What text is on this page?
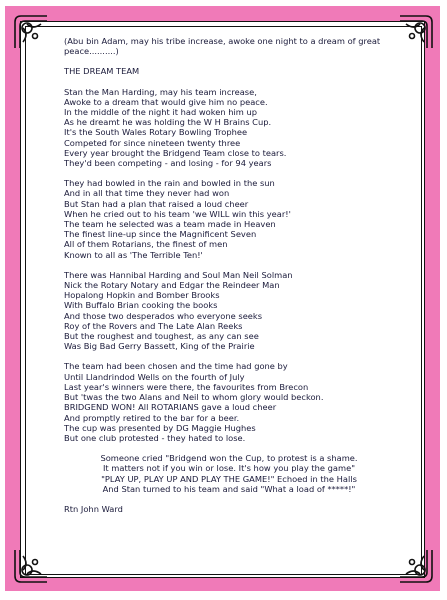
(Abu bin Adam, may his tribe increase, awoke one night to a dream of great peace..........)

THE DREAM TEAM

Stan the Man Harding, may his team increase,
Awoke to a dream that would give him no peace.
In the middle of the night it had woken him up
As he dreamt he was holding the W H Brains Cup.
It's the South Wales Rotary Bowling Trophee
Competed for since nineteen twenty three
Every year brought the Bridgend Team close to tears.
They'd been competing - and losing - for 94 years
They had bowled in the rain and bowled in the sun
And in all that time they never had won
But Stan had a plan that raised a loud cheer
When he cried out to his team 'we WILL win this year!'
The team he selected was a team made in Heaven
The finest line-up since the Magnificent Seven
All of them Rotarians, the finest of men
Known to all as 'The Terrible Ten!'
There was Hannibal Harding and Soul Man Neil Solman
Nick the Rotary Notary and Edgar the Reindeer Man
Hopalong Hopkin and Bomber Brooks
With Buffalo Brian cooking the books
And those two desperados who everyone seeks
Roy of the Rovers and The Late Alan Reeks
But the roughest and toughest, as any can see
Was Big Bad Gerry Bassett, King of the Prairie
The team had been chosen and the time had gone by
Until Llandrindod Wells on the fourth of July
Last year's winners were there, the favourites from Brecon
But 'twas the two Alans and Neil to whom glory would beckon.
BRIDGEND WON! All ROTARIANS gave a loud cheer
And promptly retired to the bar for a beer.
The cup was presented by DG Maggie Hughes
But one club protested - they hated to lose.
Someone cried "Bridgend won the Cup, to protest is a shame.
It matters not if you win or lose. It's how you play the game"
"PLAY UP, PLAY UP AND PLAY THE GAME!" Echoed in the Halls
And Stan turned to his team and said "What a load of *****!"
Rtn John Ward
